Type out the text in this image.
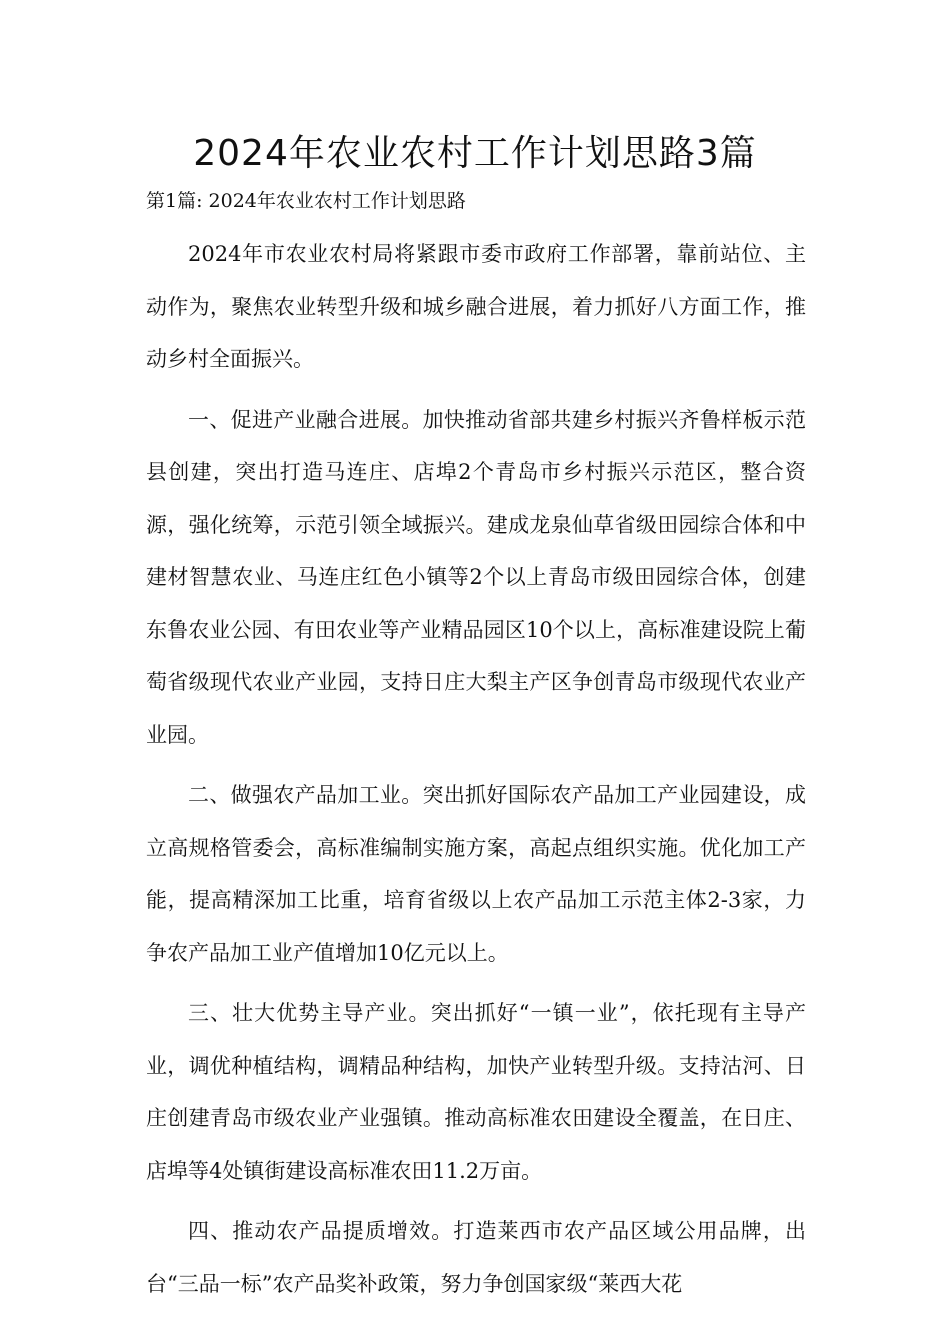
2024年农业农村工作计划思路3篇

第1篇: 2024年农业农村工作计划思路

2024年市农业农村局将紧跟市委市政府工作部署，靠前站位、主动作为，聚焦农业转型升级和城乡融合进展，着力抓好八方面工作，推动乡村全面振兴。

一、促进产业融合进展。加快推动省部共建乡村振兴齐鲁样板示范县创建，突出打造马连庄、店埠2个青岛市乡村振兴示范区，整合资源，强化统筹，示范引领全域振兴。建成龙泉仙草省级田园综合体和中建材智慧农业、马连庄红色小镇等2个以上青岛市级田园综合体，创建东鲁农业公园、有田农业等产业精品园区10个以上，高标准建设院上葡萄省级现代农业产业园，支持日庄大梨主产区争创青岛市级现代农业产业园。

二、做强农产品加工业。突出抓好国际农产品加工产业园建设，成立高规格管委会，高标准编制实施方案，高起点组织实施。优化加工产能，提高精深加工比重，培育省级以上农产品加工示范主体2-3家，力争农产品加工业产值增加10亿元以上。

三、壮大优势主导产业。突出抓好“一镇一业”，依托现有主导产业，调优种植结构，调精品种结构，加快产业转型升级。支持沽河、日庄创建青岛市级农业产业强镇。推动高标准农田建设全覆盖，在日庄、店埠等4处镇街建设高标准农田11.2万亩。

四、推动农产品提质增效。打造莱西市农产品区域公用品牌，出台“三品一标”农产品奖补政策，努力争创国家级“莱西大花
